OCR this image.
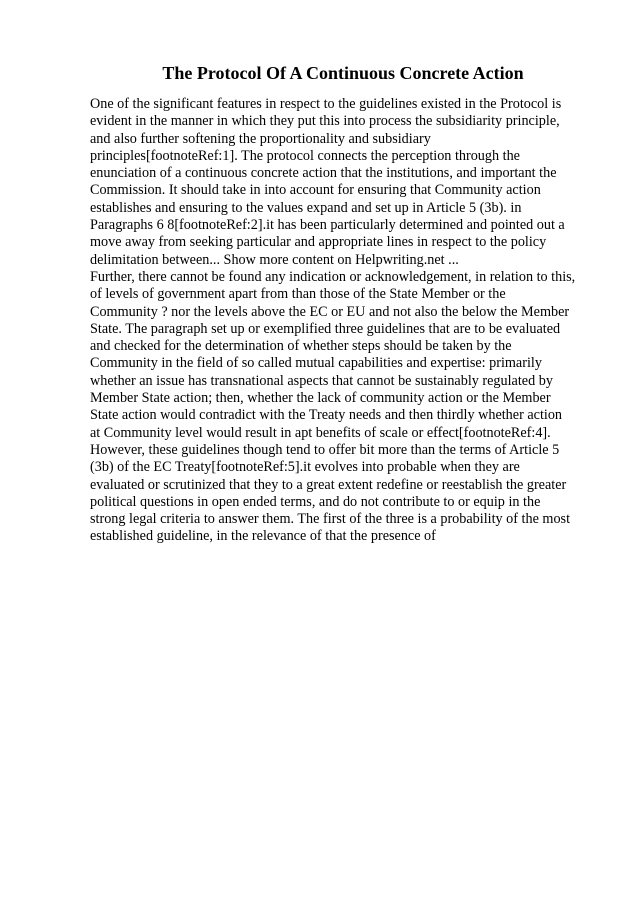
The Protocol Of A Continuous Concrete Action
One of the significant features in respect to the guidelines existed in the Protocol is
evident in the manner in which they put this into process the subsidiarity principle,
and also further softening the proportionality and subsidiary
principles[footnoteRef:1]. The protocol connects the perception through the
enunciation of a continuous concrete action that the institutions, and important the
Commission. It should take in into account for ensuring that Community action
establishes and ensuring to the values expand and set up in Article 5 (3b). in
Paragraphs 6 8[footnoteRef:2].it has been particularly determined and pointed out a
move away from seeking particular and appropriate lines in respect to the policy
delimitation between... Show more content on Helpwriting.net ...
Further, there cannot be found any indication or acknowledgement, in relation to this,
of levels of government apart from than those of the State Member or the
Community ? nor the levels above the EC or EU and not also the below the Member
State. The paragraph set up or exemplified three guidelines that are to be evaluated
and checked for the determination of whether steps should be taken by the
Community in the field of so called mutual capabilities and expertise: primarily
whether an issue has transnational aspects that cannot be sustainably regulated by
Member State action; then, whether the lack of community action or the Member
State action would contradict with the Treaty needs and then thirdly whether action
at Community level would result in apt benefits of scale or effect[footnoteRef:4].
However, these guidelines though tend to offer bit more than the terms of Article 5
(3b) of the EC Treaty[footnoteRef:5].it evolves into probable when they are
evaluated or scrutinized that they to a great extent redefine or reestablish the greater
political questions in open ended terms, and do not contribute to or equip in the
strong legal criteria to answer them. The first of the three is a probability of the most
established guideline, in the relevance of that the presence of
